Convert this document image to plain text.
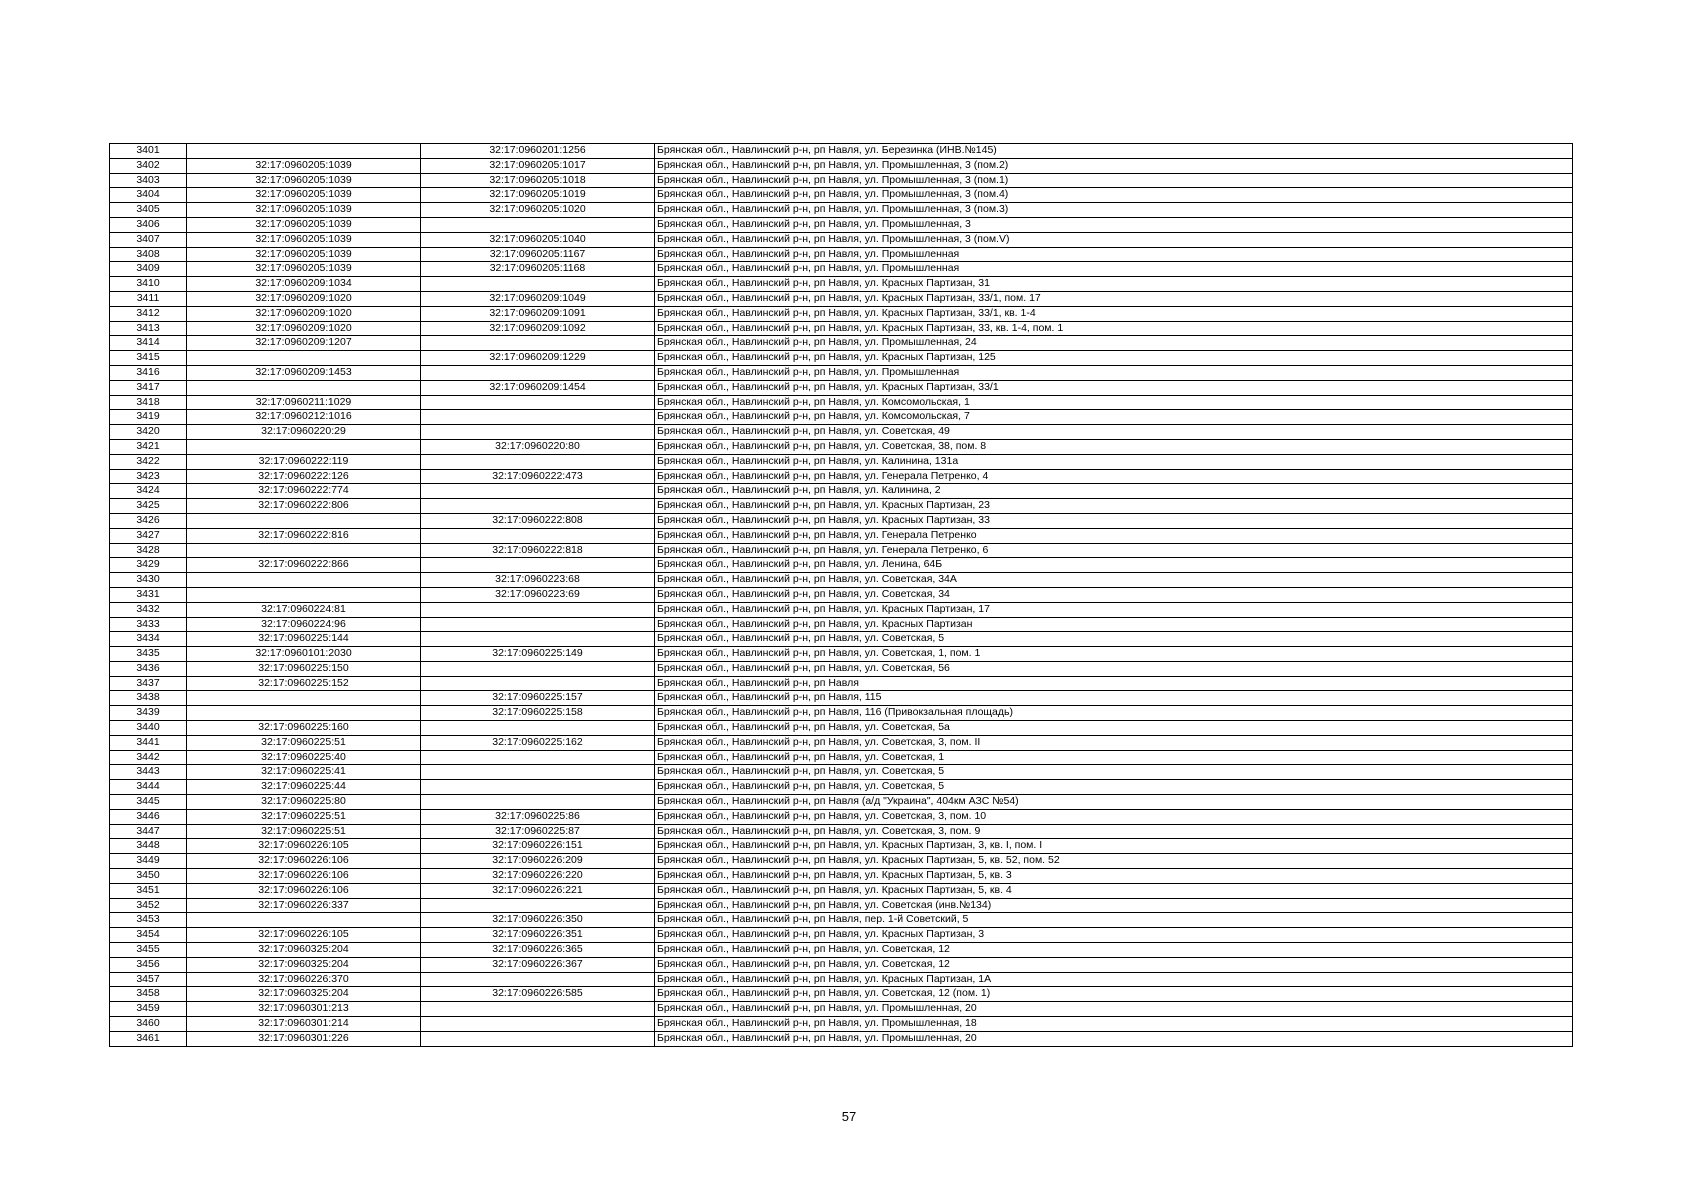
3401		32:17:0960201:1256	Брянская обл., Навлинский р-н, рп Навля, ул. Березинка (ИНВ.№145)
3402	32:17:0960205:1039	32:17:0960205:1017	Брянская обл., Навлинский р-н, рп Навля, ул. Промышленная, 3 (пом.2)
3403	32:17:0960205:1039	32:17:0960205:1018	Брянская обл., Навлинский р-н, рп Навля, ул. Промышленная, 3 (пом.1)
3404	32:17:0960205:1039	32:17:0960205:1019	Брянская обл., Навлинский р-н, рп Навля, ул. Промышленная, 3 (пом.4)
3405	32:17:0960205:1039	32:17:0960205:1020	Брянская обл., Навлинский р-н, рп Навля, ул. Промышленная, 3 (пом.3)
3406	32:17:0960205:1039		Брянская обл., Навлинский р-н, рп Навля, ул. Промышленная, 3
3407	32:17:0960205:1039	32:17:0960205:1040	Брянская обл., Навлинский р-н, рп Навля, ул. Промышленная, 3 (пом.V)
3408	32:17:0960205:1039	32:17:0960205:1167	Брянская обл., Навлинский р-н, рп Навля, ул. Промышленная
3409	32:17:0960205:1039	32:17:0960205:1168	Брянская обл., Навлинский р-н, рп Навля, ул. Промышленная
3410	32:17:0960209:1034		Брянская обл., Навлинский р-н, рп Навля, ул. Красных Партизан, 31
3411	32:17:0960209:1020	32:17:0960209:1049	Брянская обл., Навлинский р-н, рп Навля, ул. Красных Партизан, 33/1, пом. 17
3412	32:17:0960209:1020	32:17:0960209:1091	Брянская обл., Навлинский р-н, рп Навля, ул. Красных Партизан, 33/1, кв. 1-4
3413	32:17:0960209:1020	32:17:0960209:1092	Брянская обл., Навлинский р-н, рп Навля, ул. Красных Партизан, 33, кв. 1-4, пом. 1
3414	32:17:0960209:1207		Брянская обл., Навлинский р-н, рп Навля, ул. Промышленная, 24
3415		32:17:0960209:1229	Брянская обл., Навлинский р-н, рп Навля, ул. Красных Партизан, 125
3416	32:17:0960209:1453		Брянская обл., Навлинский р-н, рп Навля, ул. Промышленная
3417		32:17:0960209:1454	Брянская обл., Навлинский р-н, рп Навля, ул. Красных Партизан, 33/1
3418	32:17:0960211:1029		Брянская обл., Навлинский р-н, рп Навля, ул. Комсомольская, 1
3419	32:17:0960212:1016		Брянская обл., Навлинский р-н, рп Навля, ул. Комсомольская, 7
3420	32:17:0960220:29		Брянская обл., Навлинский р-н, рп Навля, ул. Советская, 49
3421		32:17:0960220:80	Брянская обл., Навлинский р-н, рп Навля, ул. Советская, 38, пом. 8
3422	32:17:0960222:119		Брянская обл., Навлинский р-н, рп Навля, ул. Калинина, 131а
3423	32:17:0960222:126	32:17:0960222:473	Брянская обл., Навлинский р-н, рп Навля, ул. Генерала Петренко, 4
3424	32:17:0960222:774		Брянская обл., Навлинский р-н, рп Навля, ул. Калинина, 2
3425	32:17:0960222:806		Брянская обл., Навлинский р-н, рп Навля, ул. Красных Партизан, 23
3426		32:17:0960222:808	Брянская обл., Навлинский р-н, рп Навля, ул. Красных Партизан, 33
3427	32:17:0960222:816		Брянская обл., Навлинский р-н, рп Навля, ул. Генерала Петренко
3428		32:17:0960222:818	Брянская обл., Навлинский р-н, рп Навля, ул. Генерала Петренко, 6
3429	32:17:0960222:866		Брянская обл., Навлинский р-н, рп Навля, ул. Ленина, 64Б
3430		32:17:0960223:68	Брянская обл., Навлинский р-н, рп Навля, ул. Советская, 34А
3431		32:17:0960223:69	Брянская обл., Навлинский р-н, рп Навля, ул. Советская, 34
3432	32:17:0960224:81		Брянская обл., Навлинский р-н, рп Навля, ул. Красных Партизан, 17
3433	32:17:0960224:96		Брянская обл., Навлинский р-н, рп Навля, ул. Красных Партизан
3434	32:17:0960225:144		Брянская обл., Навлинский р-н, рп Навля, ул. Советская, 5
3435	32:17:0960101:2030	32:17:0960225:149	Брянская обл., Навлинский р-н, рп Навля, ул. Советская, 1, пом. 1
3436	32:17:0960225:150		Брянская обл., Навлинский р-н, рп Навля, ул. Советская, 56
3437	32:17:0960225:152		Брянская обл., Навлинский р-н, рп Навля
3438		32:17:0960225:157	Брянская обл., Навлинский р-н, рп Навля, 115
3439		32:17:0960225:158	Брянская обл., Навлинский р-н, рп Навля, 116 (Привокзальная площадь)
3440	32:17:0960225:160		Брянская обл., Навлинский р-н, рп Навля, ул. Советская, 5а
3441	32:17:0960225:51	32:17:0960225:162	Брянская обл., Навлинский р-н, рп Навля, ул. Советская, 3, пом. II
3442	32:17:0960225:40		Брянская обл., Навлинский р-н, рп Навля, ул. Советская, 1
3443	32:17:0960225:41		Брянская обл., Навлинский р-н, рп Навля, ул. Советская, 5
3444	32:17:0960225:44		Брянская обл., Навлинский р-н, рп Навля, ул. Советская, 5
3445	32:17:0960225:80		Брянская обл., Навлинский р-н, рп Навля (а/д "Украина", 404км АЗС №54)
3446	32:17:0960225:51	32:17:0960225:86	Брянская обл., Навлинский р-н, рп Навля, ул. Советская, 3, пом. 10
3447	32:17:0960225:51	32:17:0960225:87	Брянская обл., Навлинский р-н, рп Навля, ул. Советская, 3, пом. 9
3448	32:17:0960226:105	32:17:0960226:151	Брянская обл., Навлинский р-н, рп Навля, ул. Красных Партизан, 3, кв. I, пом. I
3449	32:17:0960226:106	32:17:0960226:209	Брянская обл., Навлинский р-н, рп Навля, ул. Красных Партизан, 5, кв. 52, пом. 52
3450	32:17:0960226:106	32:17:0960226:220	Брянская обл., Навлинский р-н, рп Навля, ул. Красных Партизан, 5, кв. 3
3451	32:17:0960226:106	32:17:0960226:221	Брянская обл., Навлинский р-н, рп Навля, ул. Красных Партизан, 5, кв. 4
3452	32:17:0960226:337		Брянская обл., Навлинский р-н, рп Навля, ул. Советская (инв.№134)
3453		32:17:0960226:350	Брянская обл., Навлинский р-н, рп Навля, пер. 1-й Советский, 5
3454	32:17:0960226:105	32:17:0960226:351	Брянская обл., Навлинский р-н, рп Навля, ул. Красных Партизан, 3
3455	32:17:0960325:204	32:17:0960226:365	Брянская обл., Навлинский р-н, рп Навля, ул. Советская, 12
3456	32:17:0960325:204	32:17:0960226:367	Брянская обл., Навлинский р-н, рп Навля, ул. Советская, 12
3457	32:17:0960226:370		Брянская обл., Навлинский р-н, рп Навля, ул. Красных Партизан, 1А
3458	32:17:0960325:204	32:17:0960226:585	Брянская обл., Навлинский р-н, рп Навля, ул. Советская, 12 (пом. 1)
3459	32:17:0960301:213		Брянская обл., Навлинский р-н, рп Навля, ул. Промышленная, 20
3460	32:17:0960301:214		Брянская обл., Навлинский р-н, рп Навля, ул. Промышленная, 18
3461	32:17:0960301:226		Брянская обл., Навлинский р-н, рп Навля, ул. Промышленная, 20
57
